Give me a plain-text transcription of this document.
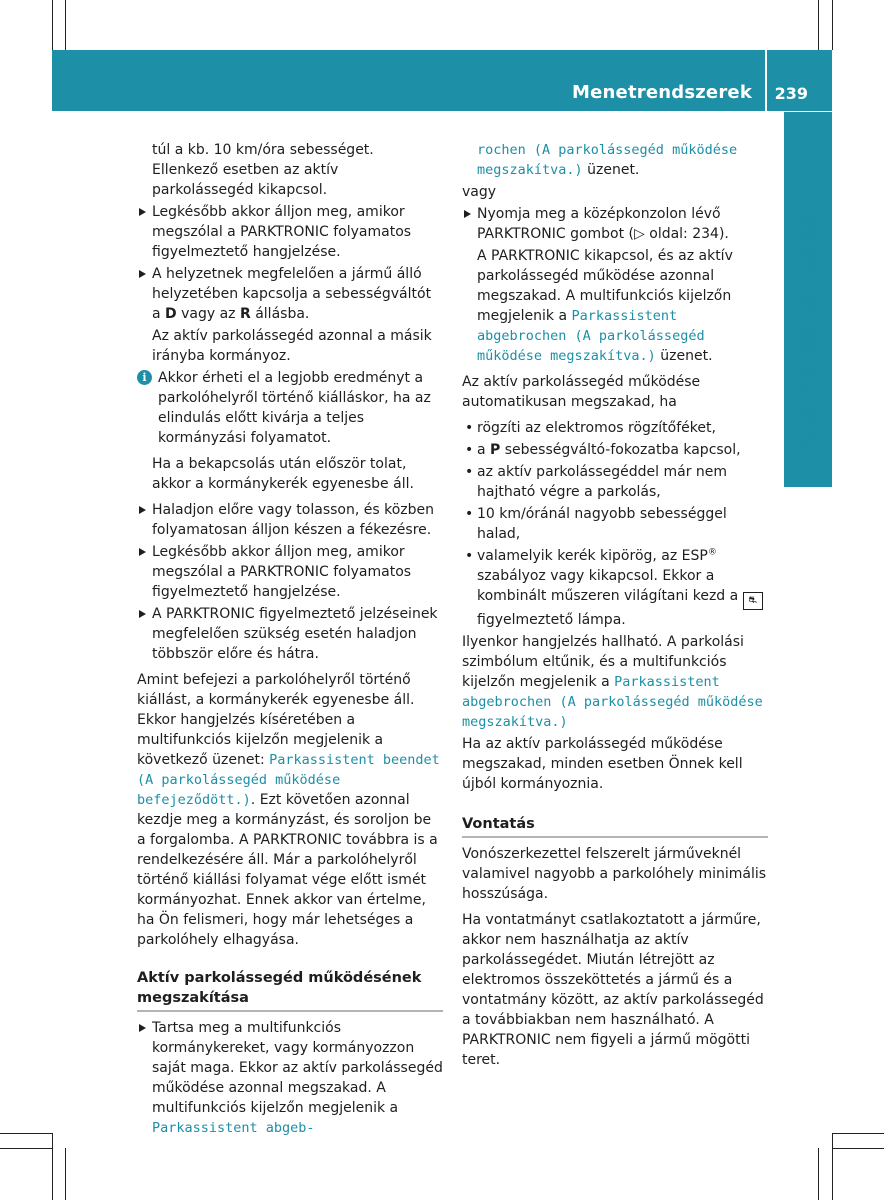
Menetrendszerek 239
Vezetés és parkolás

túl a kb. 10 km/óra sebességet. Ellenkező esetben az aktív parkolássegéd kikapcsol.

Legkésőbb akkor álljon meg, amikor megszólal a PARKTRONIC folyamatos figyelmeztető hangjelzése.

A helyzetnek megfelelően a jármű álló helyzetében kapcsolja a sebességváltót a D vagy az R állásba.

Az aktív parkolássegéd azonnal a másik irányba kormányoz.

i Akkor érheti el a legjobb eredményt a parkolóhelyről történő kiálláskor, ha az elindulás előtt kivárja a teljes kormányzási folyamatot.

Ha a bekapcsolás után először tolat, akkor a kormánykerék egyenesbe áll.

Haladjon előre vagy tolasson, és közben folyamatosan álljon készen a fékezésre.

Legkésőbb akkor álljon meg, amikor megszólal a PARKTRONIC folyamatos figyelmeztető hangjelzése.

A PARKTRONIC figyelmeztető jelzéseinek megfelelően szükség esetén haladjon többször előre és hátra.

Amint befejezi a parkolóhelyről történő kiállást, a kormánykerék egyenesbe áll. Ekkor hangjelzés kíséretében a multifunkciós kijelzőn megjelenik a következő üzenet: Parkassistent beendet (A parkolássegéd működése befejeződött.). Ezt követően azonnal kezdje meg a kormányzást, és soroljon be a forgalomba. A PARKTRONIC továbbra is a rendelkezésére áll. Már a parkolóhelyről történő kiállási folyamat vége előtt ismét kormányozhat. Ennek akkor van értelme, ha Ön felismeri, hogy már lehetséges a parkolóhely elhagyása.

Aktív parkolássegéd működésének megszakítása

Tartsa meg a multifunkciós kormánykereket, vagy kormányozzon saját maga. Ekkor az aktív parkolássegéd működése azonnal megszakad. A multifunkciós kijelzőn megjelenik a Parkassistent abgeb-

rochen (A parkolássegéd működése megszakítva.) üzenet.

vagy

Nyomja meg a középkonzolon lévő PARKTRONIC gombot (▷ oldal: 234).

A PARKTRONIC kikapcsol, és az aktív parkolássegéd működése azonnal megszakad. A multifunkciós kijelzőn megjelenik a Parkassistent abgebrochen (A parkolássegéd működése megszakítva.) üzenet.

Az aktív parkolássegéd működése automatikusan megszakad, ha

• rögzíti az elektromos rögzítőféket,

• a P sebességváltó-fokozatba kapcsol,

• az aktív parkolássegéddel már nem hajtható végre a parkolás,

• 10 km/óránál nagyobb sebességgel halad,

• valamelyik kerék kipörög, az ESP® szabályoz vagy kikapcsol. Ekkor a kombinált műszeren világítani kezd a ⛐ figyelmeztető lámpa.

Ilyenkor hangjelzés hallható. A parkolási szimbólum eltűnik, és a multifunkciós kijelzőn megjelenik a Parkassistent abgebrochen (A parkolássegéd működése megszakítva.)

Ha az aktív parkolássegéd működése megszakad, minden esetben Önnek kell újból kormányoznia.

Vontatás

Vonószerkezettel felszerelt járműveknél valamivel nagyobb a parkolóhely minimális hosszúsága.

Ha vontatmányt csatlakoztatott a járműre, akkor nem használhatja az aktív parkolássegédet. Miután létrejött az elektromos összeköttetés a jármű és a vontatmány között, az aktív parkolássegéd a továbbiakban nem használható. A PARKTRONIC nem figyeli a jármű mögötti teret.
